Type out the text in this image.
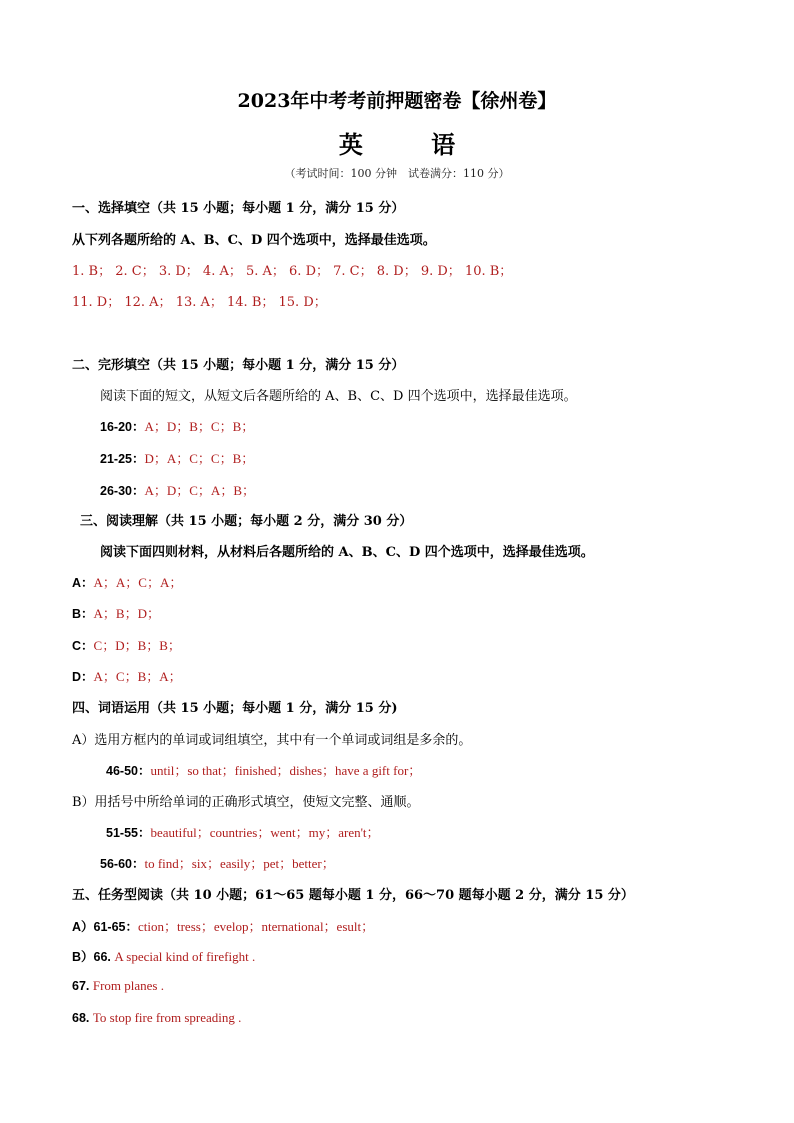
2023年中考考前押题密卷【徐州卷】
英 语
（考试时间：100 分钟　试卷满分：110 分）
一、选择填空（共 15 小题；每小题 1 分，满分 15 分）
从下列各题所给的 A、B、C、D 四个选项中，选择最佳选项。
1. B； 2. C； 3. D； 4. A； 5. A； 6. D； 7. C； 8. D； 9. D； 10. B；
11. D； 12. A； 13. A； 14. B； 15. D；
二、完形填空（共 15 小题；每小题 1 分，满分 15 分）
阅读下面的短文，从短文后各题所给的 A、B、C、D 四个选项中，选择最佳选项。
16-20：A；D；B；C；B；
21-25：D；A；C；C；B；
26-30：A；D；C；A；B；
三、阅读理解（共 15 小题；每小题 2 分，满分 30 分）
阅读下面四则材料，从材料后各题所给的 A、B、C、D 四个选项中，选择最佳选项。
A：A；A；C；A；
B：A；B；D；
C：C；D；B；B；
D：A；C；B；A；
四、词语运用（共 15 小题；每小题 1 分，满分 15 分)
A）选用方框内的单词或词组填空，其中有一个单词或词组是多余的。
46-50：until；so that；finished；dishes；have a gift for；
B）用括号中所给单词的正确形式填空，使短文完整、通顺。
51-55：beautiful；countries；went；my；aren't；
56-60：to find；six；easily；pet；better；
五、任务型阅读（共 10 小题；61～65 题每小题 1 分，66～70 题每小题 2 分，满分 15 分）
A）61-65：ction；tress；evelop；nternational；esult；
B）66. A special kind of firefight .
67. From planes .
68. To stop fire from spreading .
